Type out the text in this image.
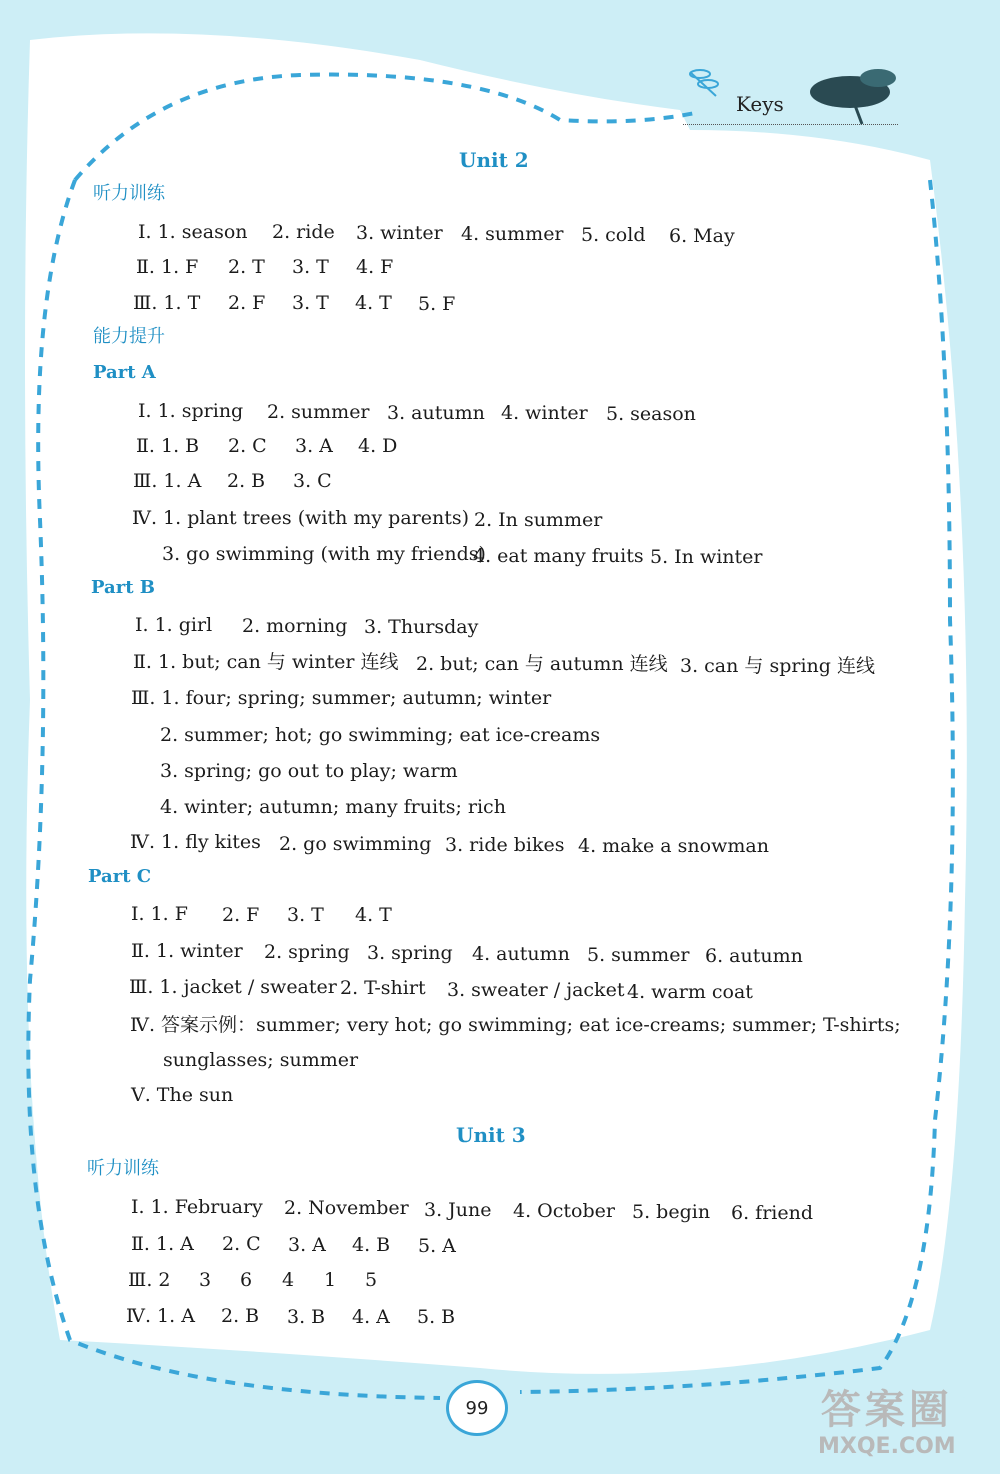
Keys
Unit 2
听力训练
Ⅰ. 1. season 2. ride 3. winter 4. summer 5. cold 6. May
Ⅱ. 1. F 2. T 3. T 4. F
Ⅲ. 1. T 2. F 3. T 4. T 5. F
能力提升
Part A
Ⅰ. 1. spring 2. summer 3. autumn 4. winter 5. season
Ⅱ. 1. B 2. C 3. A 4. D
Ⅲ. 1. A 2. B 3. C
Ⅳ. 1. plant trees (with my parents) 2. In summer
3. go swimming (with my friends)
4. eat many fruits 5. In winter
Part B
Ⅰ. 1. girl 2. morning 3. Thursday
Ⅱ. 1. but; can 与 winter 连线 2. but; can 与 autumn 连线 3. can 与 spring 连线
Ⅲ. 1. four; spring; summer; autumn; winter
2. summer; hot; go swimming; eat ice-creams
3. spring; go out to play; warm
4. winter; autumn; many fruits; rich
Ⅳ. 1. fly kites 2. go swimming 3. ride bikes 4. make a snowman
Part C
Ⅰ. 1. F 2. F 3. T 4. T
Ⅱ. 1. winter 2. spring 3. spring 4. autumn 5. summer 6. autumn
Ⅲ. 1. jacket / sweater 2. T-shirt 3. sweater / jacket 4. warm coat
Ⅳ. 答案示例：summer; very hot; go swimming; eat ice-creams; summer; T-shirts;
sunglasses; summer
Ⅴ. The sun
Unit 3
听力训练
Ⅰ. 1. February 2. November 3. June 4. October 5. begin 6. friend
Ⅱ. 1. A 2. C 3. A 4. B 5. A
Ⅲ. 2 3 6 4 1 5
Ⅳ. 1. A 2. B 3. B 4. A 5. B
99	答案圈
MXQE.COM
